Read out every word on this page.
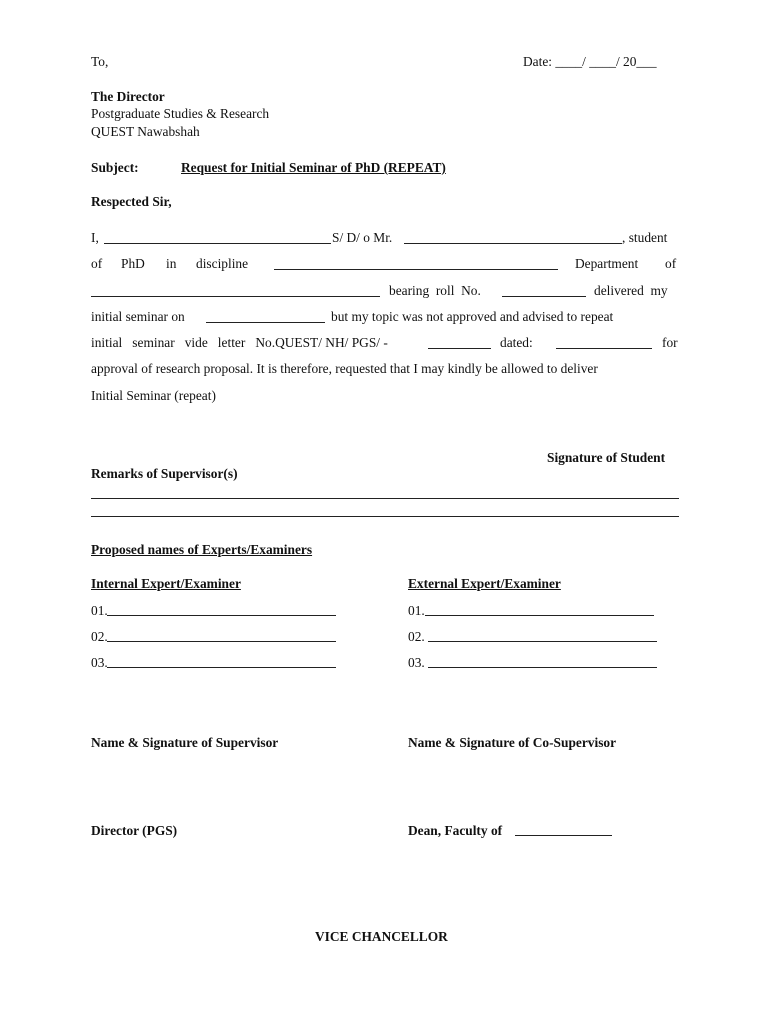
To,	Date: ____/ ____/ 20___
The Director
Postgraduate Studies & Research
QUEST Nawabshah
Subject:	Request for Initial Seminar of PhD (REPEAT)
Respected Sir,
I,	S/ D/ o Mr.	, student
of PhD in discipline	Department of
bearing  roll  No.	delivered  my
initial seminar on	but my topic was not approved and advised to repeat
initial   seminar   vide   letter   No.QUEST/ NH/ PGS/ -	dated:	for
approval of research proposal. It is therefore, requested that I may kindly be allowed to deliver
Initial Seminar (repeat)
Signature of Student
Remarks of Supervisor(s)
Proposed names of Experts/Examiners
Internal Expert/Examiner	External Expert/Examiner
01.	01.
02.	02.
03.	03.
Name & Signature of Supervisor	Name & Signature of Co-Supervisor
Director (PGS)	Dean, Faculty of
VICE CHANCELLOR
